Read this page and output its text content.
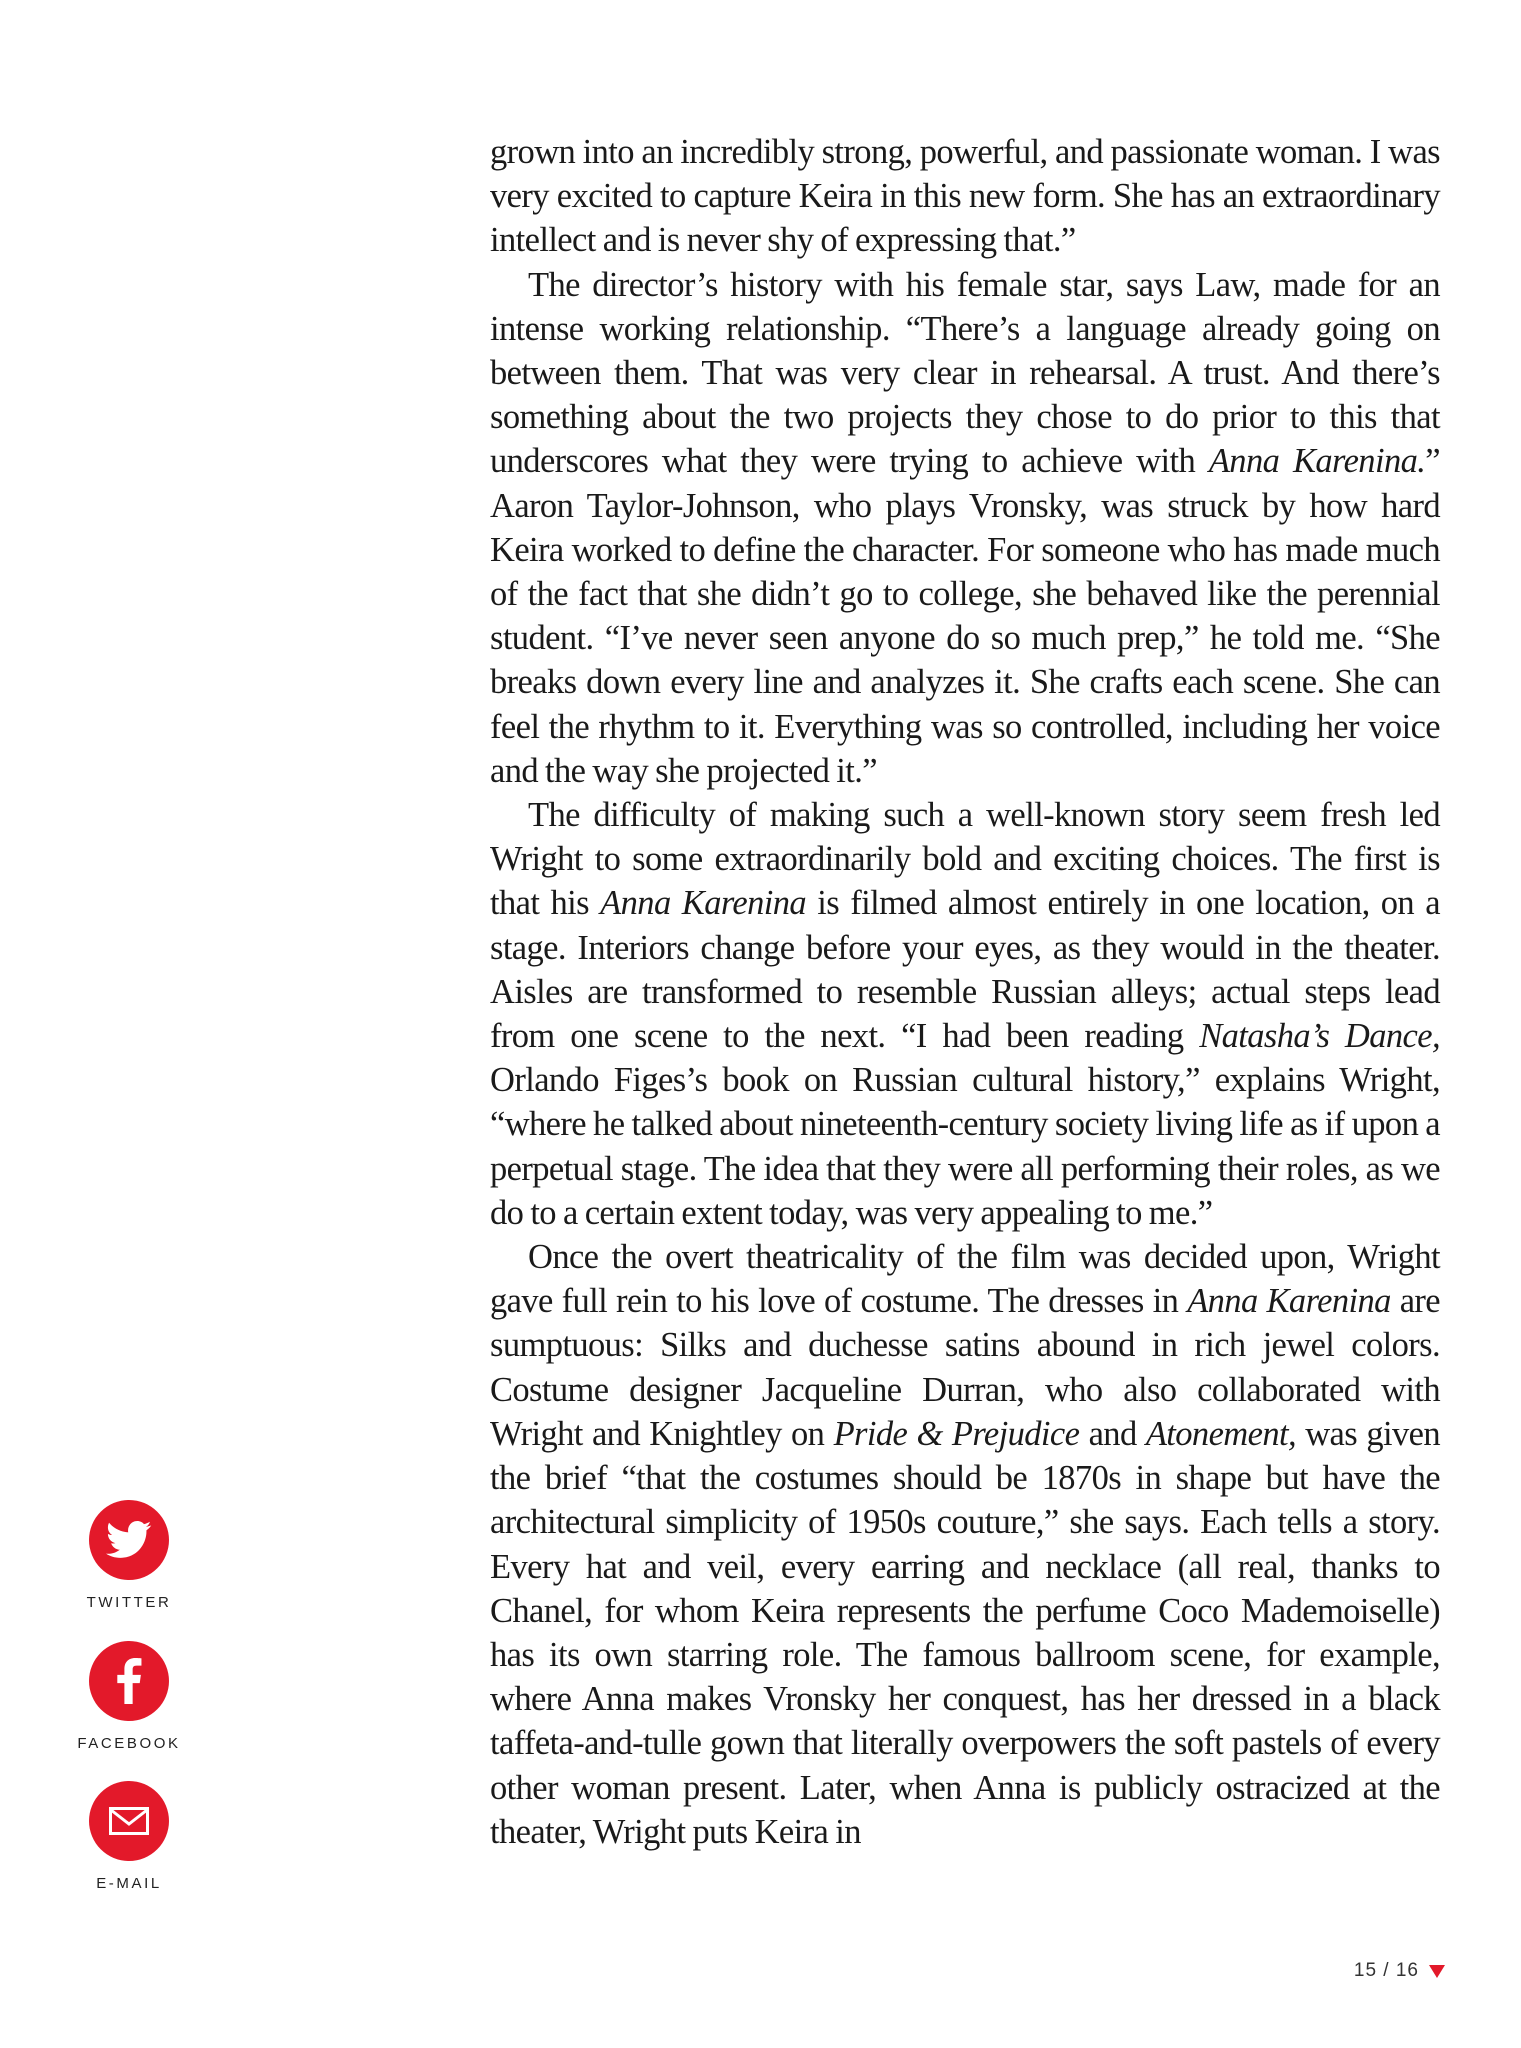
grown into an incredibly strong, powerful, and passionate woman. I was very excited to capture Keira in this new form. She has an extraordinary intellect and is never shy of expressing that.”

The director’s history with his female star, says Law, made for an intense working relationship. “There’s a language already going on between them. That was very clear in rehearsal. A trust. And there’s something about the two projects they chose to do prior to this that underscores what they were trying to achieve with Anna Karenina.” Aaron Taylor-Johnson, who plays Vronsky, was struck by how hard Keira worked to define the character. For someone who has made much of the fact that she didn’t go to college, she behaved like the perennial student. “I’ve never seen anyone do so much prep,” he told me. “She breaks down every line and analyzes it. She crafts each scene. She can feel the rhythm to it. Everything was so controlled, including her voice and the way she projected it.”

The difficulty of making such a well-known story seem fresh led Wright to some extraordinarily bold and exciting choices. The first is that his Anna Karenina is filmed almost entirely in one location, on a stage. Interiors change before your eyes, as they would in the theater. Aisles are transformed to resemble Russian alleys; actual steps lead from one scene to the next. “I had been reading Natasha’s Dance, Orlando Figes’s book on Russian cultural history,” explains Wright, “where he talked about nineteenth-century society living life as if upon a perpetual stage. The idea that they were all performing their roles, as we do to a certain extent today, was very appealing to me.”

Once the overt theatricality of the film was decided upon, Wright gave full rein to his love of costume. The dresses in Anna Karenina are sumptuous: Silks and duchesse satins abound in rich jewel colors. Costume designer Jacqueline Durran, who also collaborated with Wright and Knightley on Pride & Prejudice and Atonement, was given the brief “that the costumes should be 1870s in shape but have the architectural simplicity of 1950s couture,” she says. Each tells a story. Every hat and veil, every earring and necklace (all real, thanks to Chanel, for whom Keira represents the perfume Coco Mademoiselle) has its own starring role. The famous ballroom scene, for example, where Anna makes Vronsky her conquest, has her dressed in a black taffeta-and-tulle gown that literally overpowers the soft pastels of every other woman present. Later, when Anna is publicly ostracized at the theater, Wright puts Keira in

TWITTER
FACEBOOK
E-MAIL
15 / 16
